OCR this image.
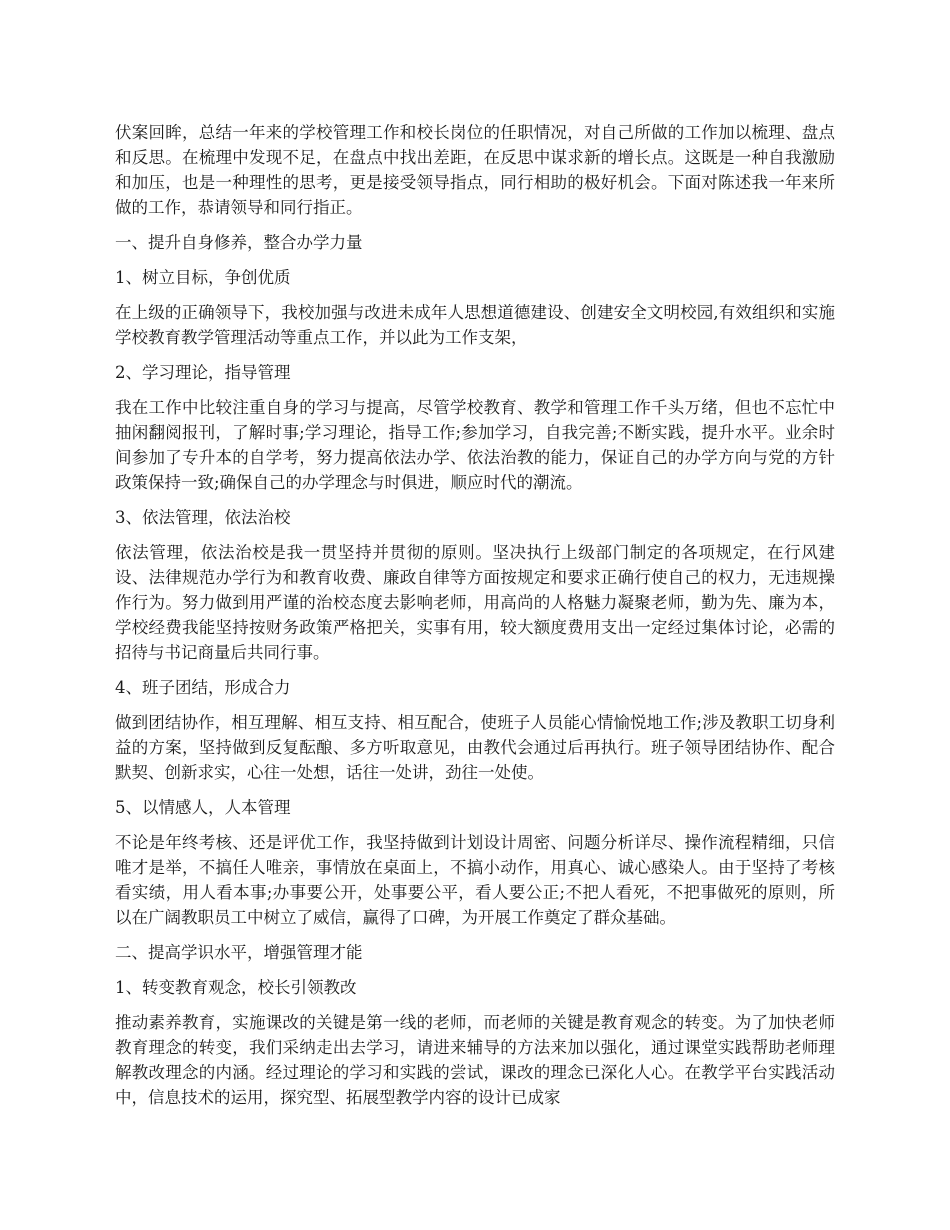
伏案回眸，总结一年来的学校管理工作和校长岗位的任职情况，对自己所做的工作加以梳理、盘点和反思。在梳理中发现不足，在盘点中找出差距，在反思中谋求新的增长点。这既是一种自我激励和加压，也是一种理性的思考，更是接受领导指点，同行相助的极好机会。下面对陈述我一年来所做的工作，恭请领导和同行指正。

一、提升自身修养，整合办学力量

1、树立目标，争创优质

在上级的正确领导下，我校加强与改进未成年人思想道德建设、创建安全文明校园,有效组织和实施学校教育教学管理活动等重点工作，并以此为工作支架，

2、学习理论，指导管理

我在工作中比较注重自身的学习与提高，尽管学校教育、教学和管理工作千头万绪，但也不忘忙中抽闲翻阅报刊，了解时事;学习理论，指导工作;参加学习，自我完善;不断实践，提升水平。业余时间参加了专升本的自学考，努力提高依法办学、依法治教的能力，保证自己的办学方向与党的方针政策保持一致;确保自己的办学理念与时俱进，顺应时代的潮流。

3、依法管理，依法治校

依法管理，依法治校是我一贯坚持并贯彻的原则。坚决执行上级部门制定的各项规定，在行风建设、法律规范办学行为和教育收费、廉政自律等方面按规定和要求正确行使自己的权力，无违规操作行为。努力做到用严谨的治校态度去影响老师，用高尚的人格魅力凝聚老师，勤为先、廉为本，学校经费我能坚持按财务政策严格把关，实事有用，较大额度费用支出一定经过集体讨论，必需的招待与书记商量后共同行事。

4、班子团结，形成合力

做到团结协作，相互理解、相互支持、相互配合，使班子人员能心情愉悦地工作;涉及教职工切身利益的方案，坚持做到反复酝酿、多方听取意见，由教代会通过后再执行。班子领导团结协作、配合默契、创新求实，心往一处想，话往一处讲，劲往一处使。

5、以情感人，人本管理

不论是年终考核、还是评优工作，我坚持做到计划设计周密、问题分析详尽、操作流程精细，只信唯才是举，不搞任人唯亲，事情放在桌面上，不搞小动作，用真心、诚心感染人。由于坚持了考核看实绩，用人看本事;办事要公开，处事要公平，看人要公正;不把人看死，不把事做死的原则，所以在广阔教职员工中树立了威信，赢得了口碑，为开展工作奠定了群众基础。

二、提高学识水平，增强管理才能

1、转变教育观念，校长引领教改

推动素养教育，实施课改的关键是第一线的老师，而老师的关键是教育观念的转变。为了加快老师教育理念的转变，我们采纳走出去学习，请进来辅导的方法来加以强化，通过课堂实践帮助老师理解教改理念的内涵。经过理论的学习和实践的尝试，课改的理念已深化人心。在教学平台实践活动中，信息技术的运用，探究型、拓展型教学内容的设计已成家
